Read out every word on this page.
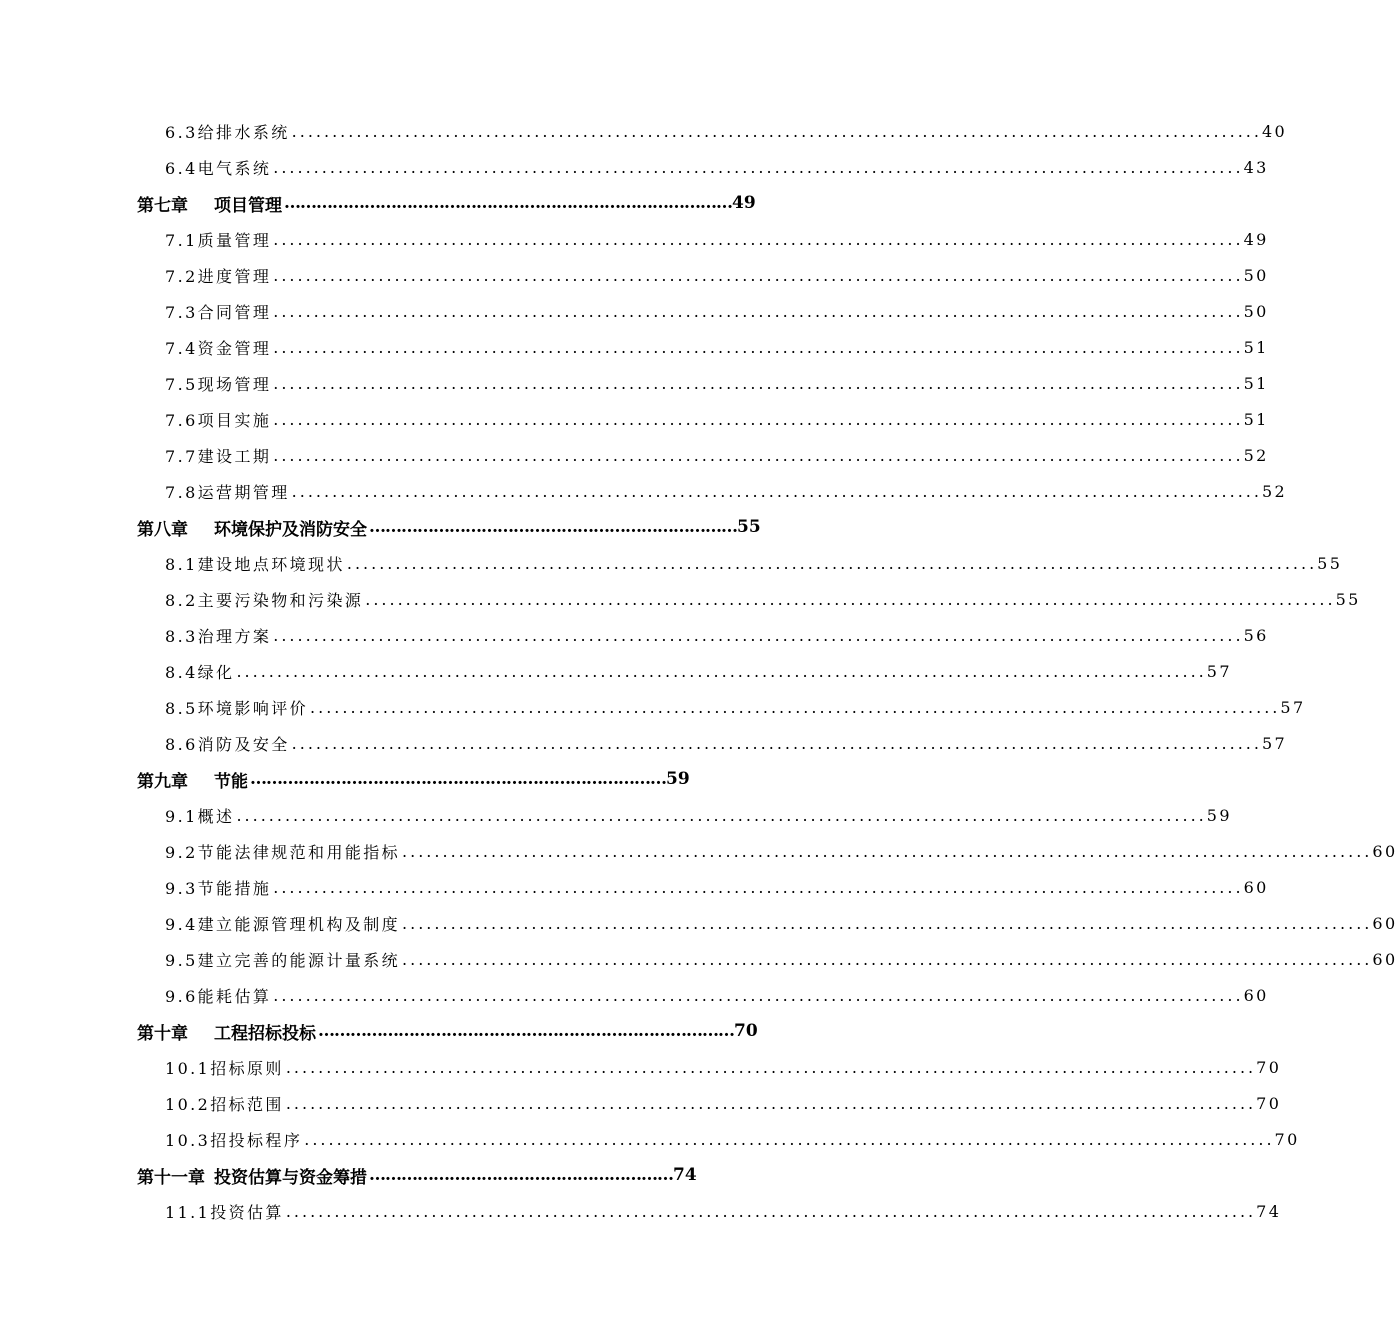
6.3给排水系统 ........................................................................................................................ 40
6.4电气系统 ........................................................................................................................ 43
第七章	项目管理 ………………………………………………………………………… 49
7.1质量管理 ........................................................................................................................ 49
7.2进度管理 ........................................................................................................................ 50
7.3合同管理 ........................................................................................................................ 50
7.4资金管理 ........................................................................................................................ 51
7.5现场管理 ........................................................................................................................ 51
7.6项目实施 ........................................................................................................................ 51
7.7建设工期 ........................................................................................................................ 52
7.8运营期管理 ........................................................................................................................ 52
第八章	环境保护及消防安全 …………………………………………………………… 55
8.1建设地点环境现状 ........................................................................................................................ 55
8.2主要污染物和污染源 ........................................................................................................................ 55
8.3治理方案 ........................................................................................................................ 56
8.4绿化 ........................................................................................................................ 57
8.5环境影响评价 ........................................................................................................................ 57
8.6消防及安全 ........................................................................................................................ 57
第九章	节能 …………………………………………………………………… 59
9.1概述 ........................................................................................................................ 59
9.2节能法律规范和用能指标 ........................................................................................................................ 60
9.3节能措施 ........................................................................................................................ 60
9.4建立能源管理机构及制度 ........................................................................................................................ 60
9.5建立完善的能源计量系统 ........................................................................................................................ 60
9.6能耗估算 ........................................................................................................................ 60
第十章	工程招标投标 …………………………………………………………………… 70
10.1招标原则 ........................................................................................................................ 70
10.2招标范围 ........................................................................................................................ 70
10.3招投标程序 ........................................................................................................................ 70
第十一章 投资估算与资金筹措 ………………………………………………… 74
11.1投资估算 ........................................................................................................................ 74
